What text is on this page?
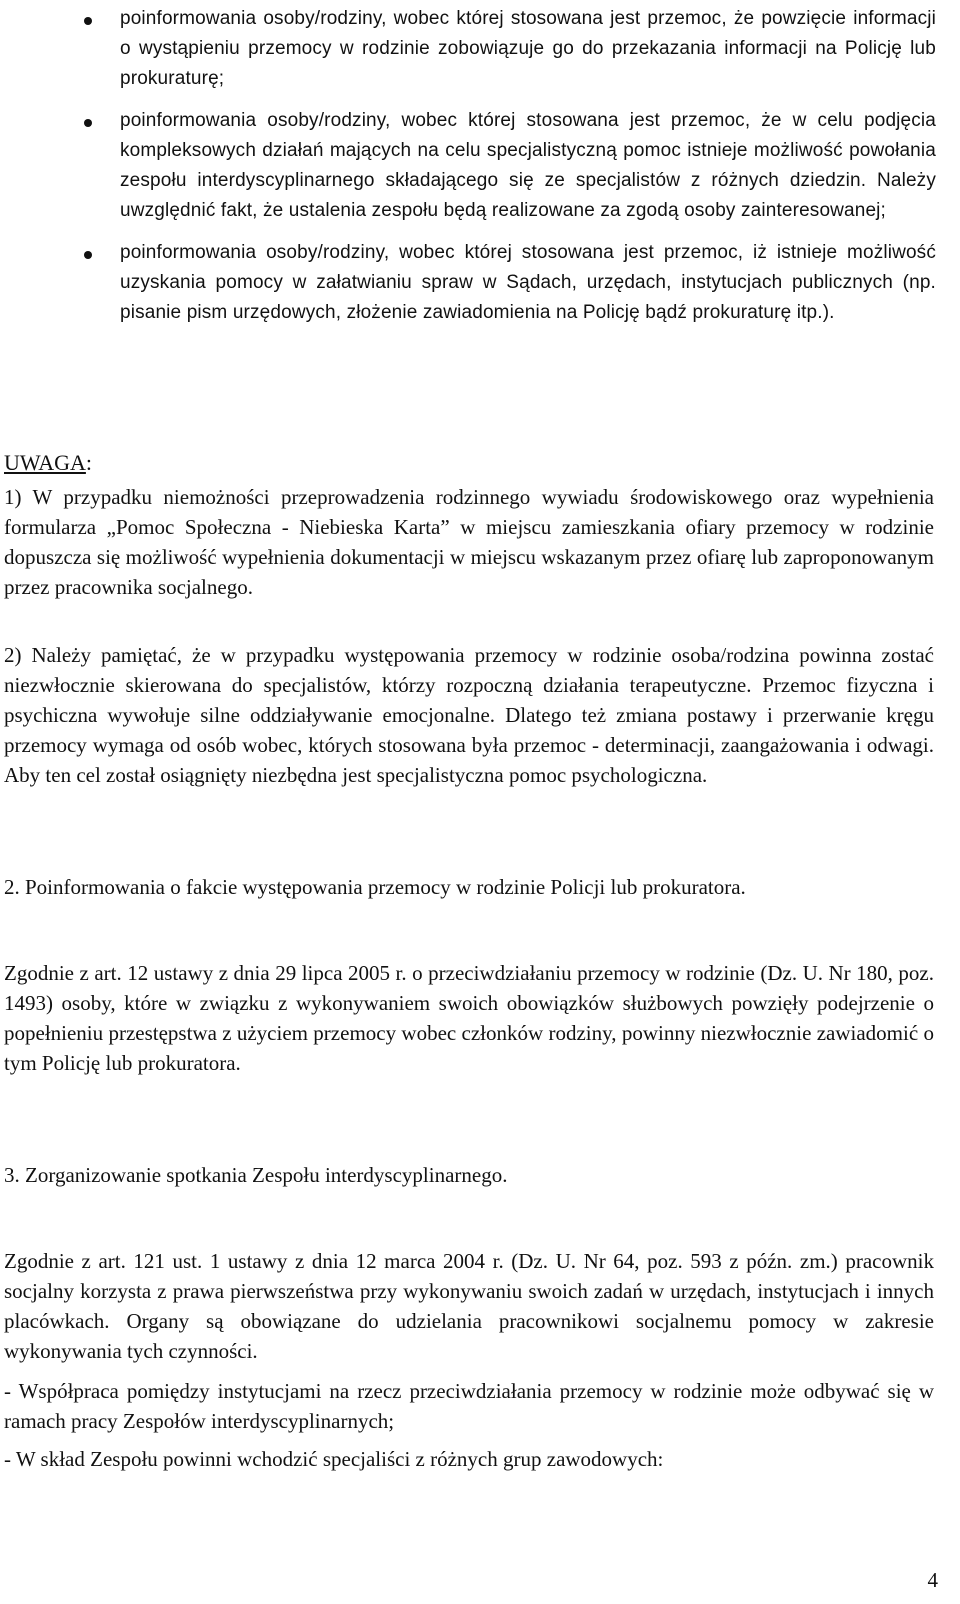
poinformowania osoby/rodziny, wobec której stosowana jest przemoc, że powzięcie informacji o wystąpieniu przemocy w rodzinie zobowiązuje go do przekazania informacji na Policję lub prokuraturę;
poinformowania osoby/rodziny, wobec której stosowana jest przemoc, że w celu podjęcia kompleksowych działań mających na celu specjalistyczną pomoc istnieje możliwość powołania zespołu interdyscyplinarnego składającego się ze specjalistów z różnych dziedzin. Należy uwzględnić fakt, że ustalenia zespołu będą realizowane za zgodą osoby zainteresowanej;
poinformowania osoby/rodziny, wobec której stosowana jest przemoc, iż istnieje możliwość uzyskania pomocy w załatwianiu spraw w Sądach, urzędach, instytucjach publicznych (np. pisanie pism urzędowych, złożenie zawiadomienia na Policję bądź prokuraturę itp.).
UWAGA:

1) W przypadku niemożności przeprowadzenia rodzinnego wywiadu środowiskowego oraz wypełnienia formularza „Pomoc Społeczna - Niebieska Karta” w miejscu zamieszkania ofiary przemocy w rodzinie dopuszcza się możliwość wypełnienia dokumentacji w miejscu wskazanym przez ofiarę lub zaproponowanym przez pracownika socjalnego.

2) Należy pamiętać, że w przypadku występowania przemocy w rodzinie osoba/rodzina powinna zostać niezwłocznie skierowana do specjalistów, którzy rozpoczną działania terapeutyczne. Przemoc fizyczna i psychiczna wywołuje silne oddziaływanie emocjonalne. Dlatego też zmiana postawy i przerwanie kręgu przemocy wymaga od osób wobec, których stosowana była przemoc - determinacji, zaangażowania i odwagi. Aby ten cel został osiągnięty niezbędna jest specjalistyczna pomoc psychologiczna.

2. Poinformowania o fakcie występowania przemocy w rodzinie Policji lub prokuratora.

Zgodnie z art. 12 ustawy z dnia 29 lipca 2005 r. o przeciwdziałaniu przemocy w rodzinie (Dz. U. Nr 180, poz. 1493) osoby, które w związku z wykonywaniem swoich obowiązków służbowych powzięły podejrzenie o popełnieniu przestępstwa z użyciem przemocy wobec członków rodziny, powinny niezwłocznie zawiadomić o tym Policję lub prokuratora.

3. Zorganizowanie spotkania Zespołu interdyscyplinarnego.

Zgodnie z art. 121 ust. 1 ustawy z dnia 12 marca 2004 r. (Dz. U. Nr 64, poz. 593 z późn. zm.) pracownik socjalny korzysta z prawa pierwszeństwa przy wykonywaniu swoich zadań w urzędach, instytucjach i innych placówkach. Organy są obowiązane do udzielania pracownikowi socjalnemu pomocy w zakresie wykonywania tych czynności.

- Współpraca pomiędzy instytucjami na rzecz przeciwdziałania przemocy w rodzinie może odbywać się w ramach pracy Zespołów interdyscyplinarnych;

- W skład Zespołu powinni wchodzić specjaliści z różnych grup zawodowych:

4
